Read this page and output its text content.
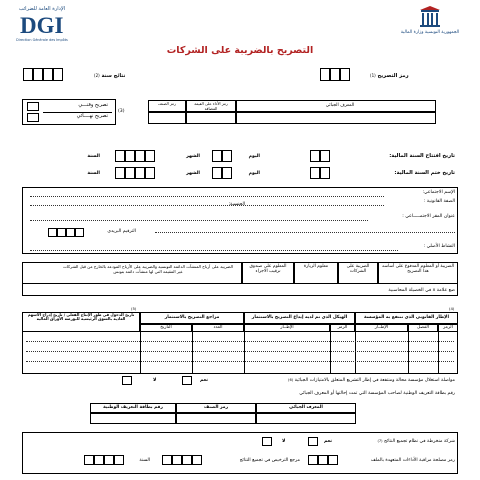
الإدارة العامة للضرائب
DGI
Direction Générale des Impôts
الجمهورية التونسية وزارة المالية
التصريح بالضريبة على الشركات
رمز التصريح (1)
نتائج سنة (2)
تصريح وقتـــي
تصريح نهــــائي
(3)
المعرف الجبائي
رمز الأداء على القيمة المضافة
رمز الصنف
تاريخ افتتاح السنة المالية:
اليوم
الشهر
السنة
تاريخ ختم السنة المالية:
اليوم
الشهر
السنة
الإسم الاجتماعي:
الصفة القانونية :
الجنسية:
عنوان المقر الاجتمـــــاعي :
الترقيم البريدي
النشاط الأصلي :
الضريبة أو المعلوم المدفوع على أساسه هذا التصريح
الضريبة على الشركات
معلوم الزيارة
المعلوم على صندوق ترقيب الاجراء
الضريبة على أرباح المنشآت الدائمة التونسية والضريبة على الأرباح المودعة بالخارج من قبل الشركات غير المقيمة التي لها منشأت دائمة بتونس
ضع علامة x في الخصيلة المحاسبية
الإطار القانوني الذي تنتفع به المؤسسة
الهيكل الذي تم لديه إيداع التصريح بالاستثمار
مراجع التصريح بالاستثمار
تاريخ الدخول في طور الإنتاج الفعلي / تاريخ إدراج الأسهم العادية بالسوق الرئيسية للبورصة الأوراق المالية
الرمز
الفصل
الإطــار
الرمز
الإطــار
العدد
التاريخ
(4)
(5)
مواصلة استغلال مؤسسة محالة ومنتفعة في إطار التشريع المتعلق بالامتيازات الجبائية (6)
نعم
لا
رقم بطاقة التعريف الوطنية لصاحب المؤسسة التي تمت إحالتها أو المعرف الجبائي
المعرف الجبائي
رمز الصنف
رقم بطاقة التعريف الوطنية
شركة منخرطة في نظام تجميع النتائج (7)
نعم
لا
رمز مصلحة مراقبة الأداءات المتعهدة بالملف
مرجع الترخيص في تجميع النتائج
السنة
